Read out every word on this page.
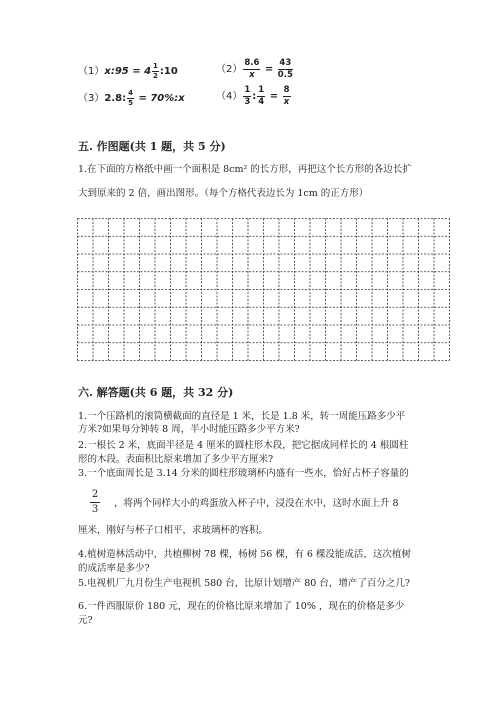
（1）x:95 = $4 \frac{1}{2}$ :10	$(2) \frac{8.6}{x} = \frac{43}{0.5}$
（3）2.8: $\frac{4}{5}$ = 70%:x	$(4) \frac{1}{3}$ : $\frac{1}{4} = \frac{8}{x}$
五. 作图题(共 1 题，共 5 分)
1.在下面的方格纸中画一个面积是 8cm² 的长方形，再把这个长方形的各边长扩
大到原来的 2 倍，画出图形。（每个方格代表边长为 1cm 的正方形）
六. 解答题(共 6 题，共 32 分)
1.一个压路机的滚筒横截面的直径是 1 米，长是 1.8 米，转一周能压路多少平
方米?如果每分钟转 8 周，半小时能压路多少平方米?
2.一根长 2 米，底面半径是 4 厘米的圆柱形木段，把它据成同样长的 4 根圆柱
形的木段。表面积比原来增加了多少平方厘米?
3.一个底面周长是 3.14 分米的圆柱形玻璃杯内盛有一些水，恰好占杯子容量的
$\frac{2}{3}$ ，将两个同样大小的鸡蛋放入杯子中，浸没在水中，这时水面上升 8
厘米，刚好与杯子口相平，求玻璃杯的容积。
4.植树造林活动中，共植柳树 78 棵，杨树 56 棵，有 6 棵没能成活，这次植树
的成活率是多少?
5.电视机厂九月份生产电视机 580 台，比原计划增产 80 台，增产了百分之几?
6.一件西服原价 180 元，现在的价格比原来增加了 10% ，现在的价格是多少
元?
